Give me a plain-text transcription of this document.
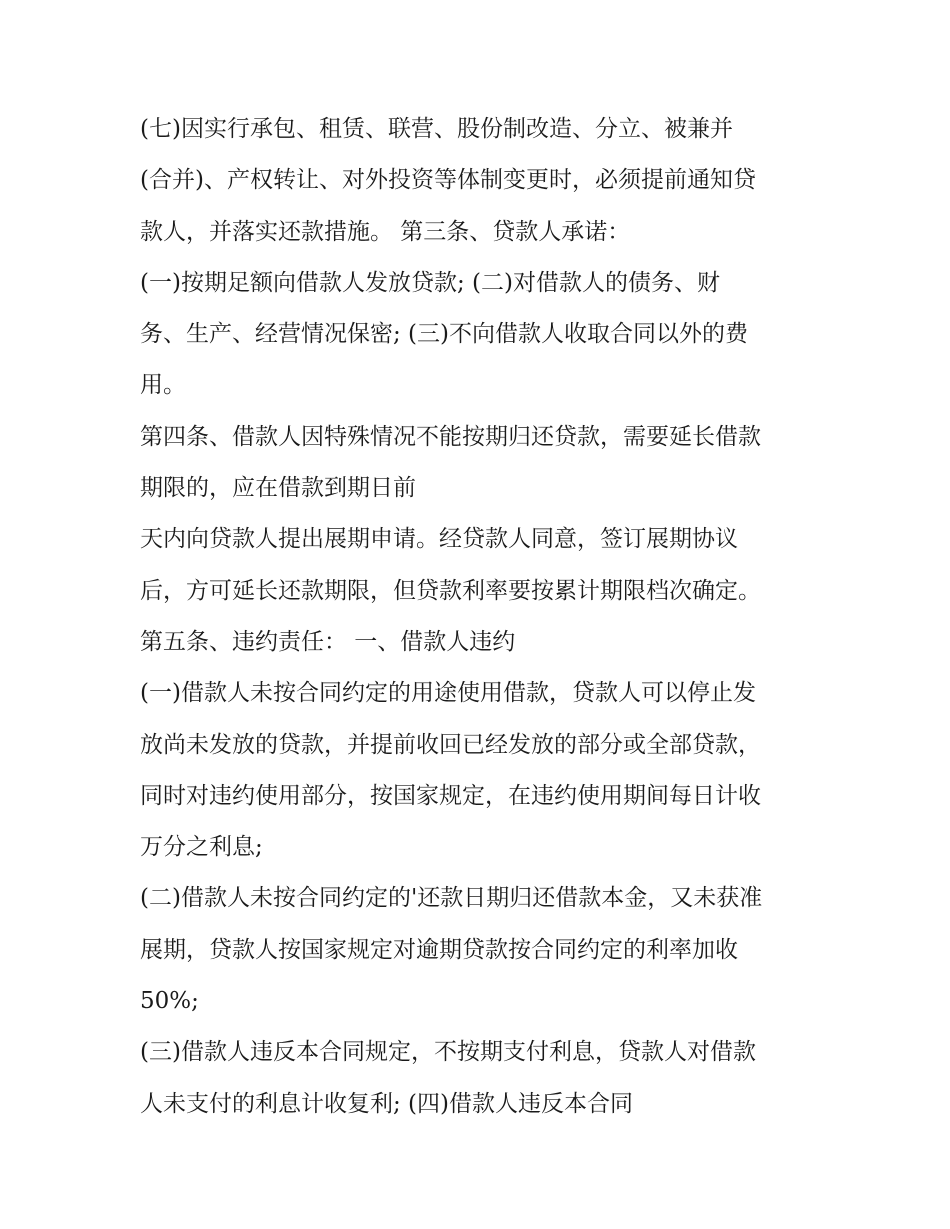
(七)因实行承包、租赁、联营、股份制改造、分立、被兼并
(合并)、产权转让、对外投资等体制变更时，必须提前通知贷
款人，并落实还款措施。 第三条、贷款人承诺：
(一)按期足额向借款人发放贷款; (二)对借款人的债务、财
务、生产、经营情况保密; (三)不向借款人收取合同以外的费
用。
第四条、借款人因特殊情况不能按期归还贷款，需要延长借款
期限的，应在借款到期日前
天内向贷款人提出展期申请。经贷款人同意，签订展期协议
后，方可延长还款期限，但贷款利率要按累计期限档次确定。
第五条、违约责任： 一、借款人违约
(一)借款人未按合同约定的用途使用借款，贷款人可以停止发
放尚未发放的贷款，并提前收回已经发放的部分或全部贷款，
同时对违约使用部分，按国家规定，在违约使用期间每日计收
万分之利息;
(二)借款人未按合同约定的'还款日期归还借款本金，又未获准
展期，贷款人按国家规定对逾期贷款按合同约定的利率加收
50%;
(三)借款人违反本合同规定，不按期支付利息，贷款人对借款
人未支付的利息计收复利; (四)借款人违反本合同
